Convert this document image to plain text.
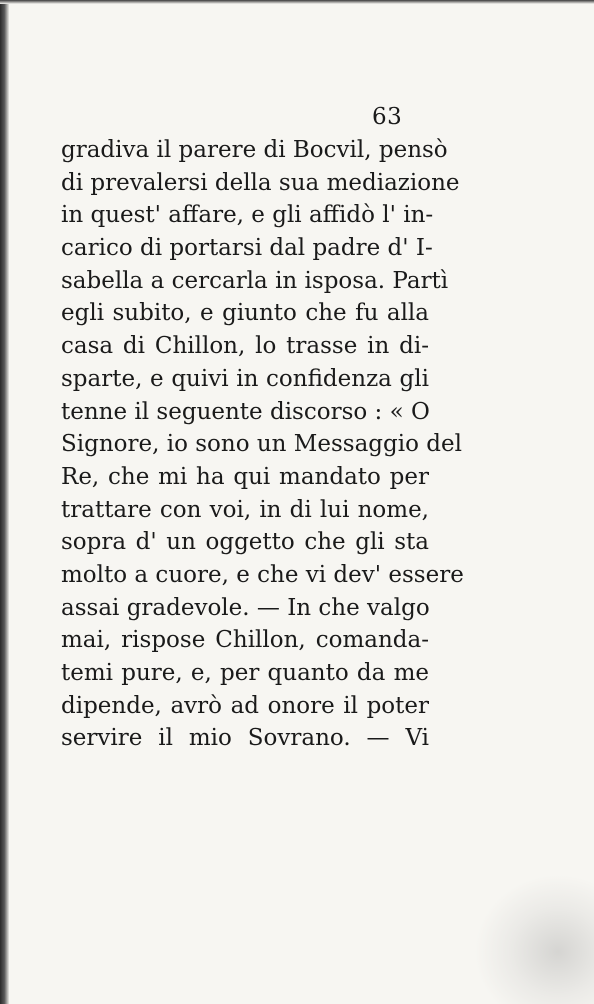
63
gradiva il parere di Bocvil, pensò
di prevalersi della sua mediazione
in quest' affare, e gli affidò l' in-
carico di portarsi dal padre d' I-
sabella a cercarla in isposa. Partì
egli subito, e giunto che fu alla
casa di Chillon, lo trasse in di-
sparte, e quivi in confidenza gli
tenne il seguente discorso : « O
Signore, io sono un Messaggio del
Re, che mi ha qui mandato per
trattare con voi, in di lui nome,
sopra d' un oggetto che gli sta
molto a cuore, e che vi dev' essere
assai gradevole. — In che valgo
mai, rispose Chillon, comanda-
temi pure, e, per quanto da me
dipende, avrò ad onore il poter
servire il mio Sovrano. — Vi
